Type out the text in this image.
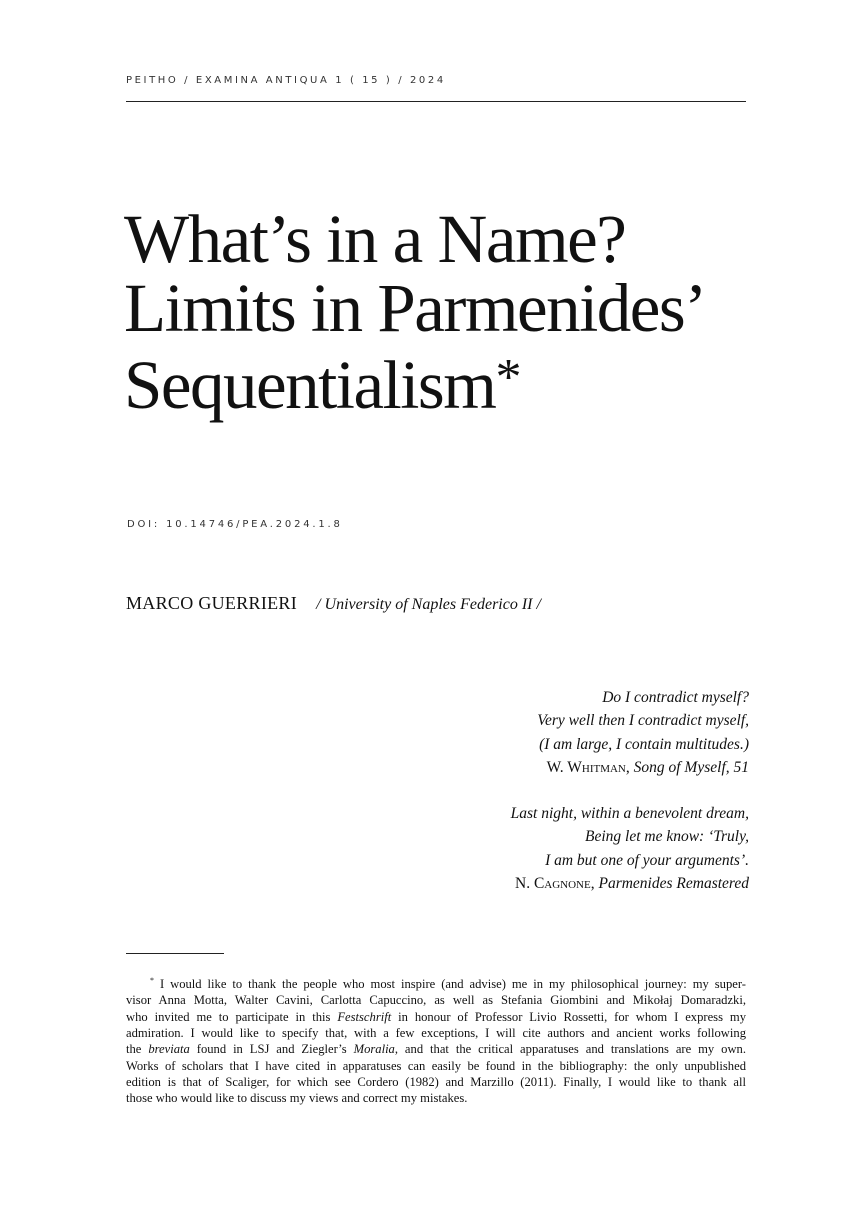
PEITHO / EXAMINA ANTIQUA 1 ( 15 ) / 2024
What’s in a Name?
Limits in Parmenides’
Sequentialism*
DOI: 10.14746/PEA.2024.1.8
MARCO GUERRIERI / University of Naples Federico II /
Do I contradict myself?
Very well then I contradict myself,
(I am large, I contain multitudes.)
W. Whitman, Song of Myself, 51
Last night, within a benevolent dream,
Being let me know: ‘Truly,
I am but one of your arguments’.
N. Cagnone, Parmenides Remastered
* I would like to thank the people who most inspire (and advise) me in my philosophical journey: my super-
visor Anna Motta, Walter Cavini, Carlotta Capuccino, as well as Stefania Giombini and Mikołaj Domaradzki,
who invited me to participate in this Festschrift in honour of Professor Livio Rossetti, for whom I express my
admiration. I would like to specify that, with a few exceptions, I will cite authors and ancient works following
the breviata found in LSJ and Ziegler’s Moralia, and that the critical apparatuses and translations are my own.
Works of scholars that I have cited in apparatuses can easily be found in the bibliography: the only unpublished
edition is that of Scaliger, for which see Cordero (1982) and Marzillo (2011). Finally, I would like to thank all
those who would like to discuss my views and correct my mistakes.
